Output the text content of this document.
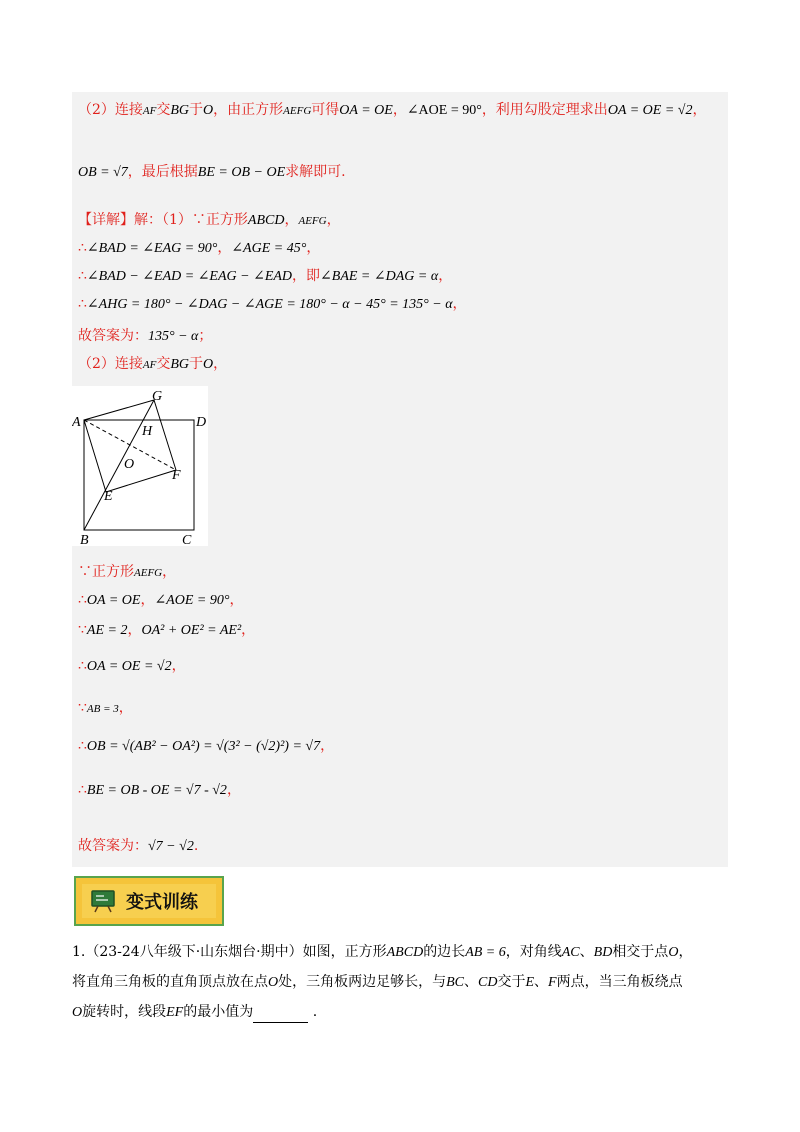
（2）连接AF交BG于O，由正方形AEFG可得OA = OE，∠AOE = 90°，利用勾股定理求出OA = OE = √2，
OB = √7，最后根据BE = OB − OE求解即可.
【详解】解：（1）∵正方形ABCD，AEFG，
∴∠BAD = ∠EAG = 90°，∠AGE = 45°，
∴∠BAD − ∠EAD = ∠EAG − ∠EAD，即∠BAE = ∠DAG = α，
∴∠AHG = 180° − ∠DAG − ∠AGE = 180° − α − 45° = 135° − α，
故答案为：135° − α；
（2）连接AF交BG于O，
A
G
D
H
O
F
E
B	C
∵正方形AEFG，
∴OA = OE，∠AOE = 90°，
∵AE = 2，OA² + OE² = AE²，
∴OA = OE = √2，
∵AB = 3，
∴OB = √(AB² − OA²) = √(3² − (√2)²) = √7，
∴BE = OB - OE = √7 - √2，
故答案为：√7 − √2.
变式训练
1.（23-24八年级下·山东烟台·期中）如图，正方形ABCD的边长AB = 6，对角线AC、BD相交于点O，
将直角三角板的直角顶点放在点O处，三角板两边足够长，与BC、CD交于E、F两点，当三角板绕点
O旋转时，线段EF的最小值为	.
